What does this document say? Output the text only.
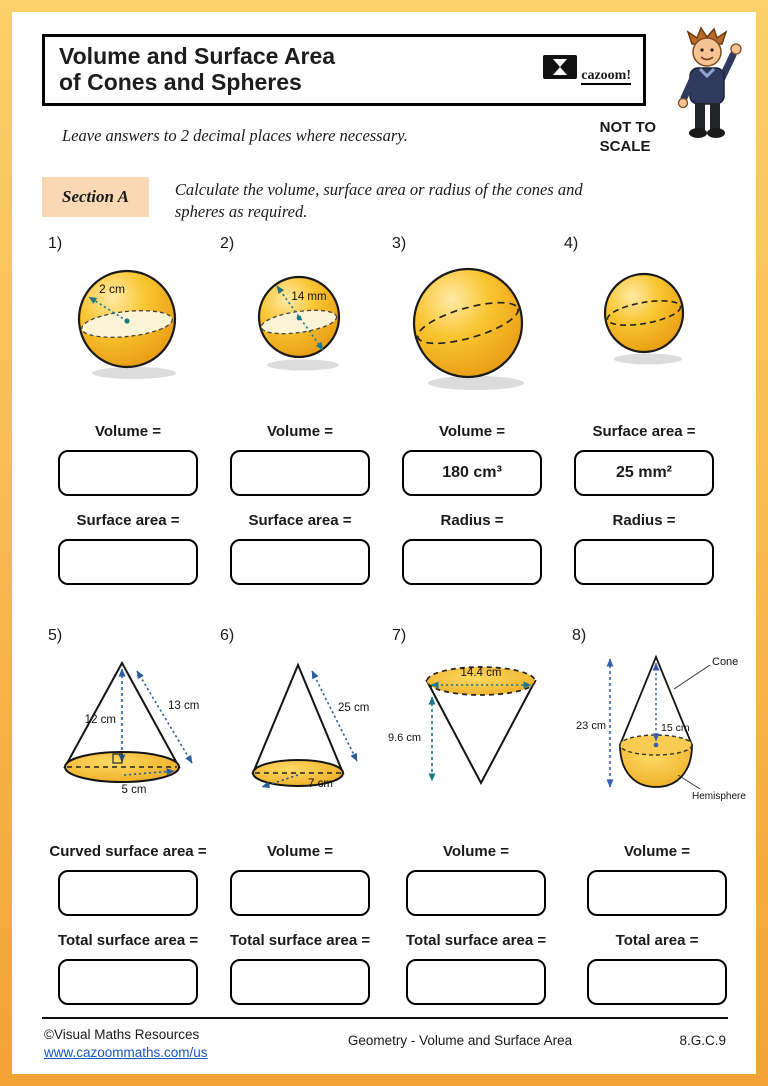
Volume and Surface Area
of Cones and Spheres	cazoom!
Leave answers to 2 decimal places where necessary.	NOT TO
SCALE
Section A	Calculate the volume, surface area or radius of the cones and spheres as required.
1)
2 cm
Volume =
Surface area =
2)
14 mm
Volume =
Surface area =
3)
Volume =
180 cm³
Radius =
4)
Surface area =
25 mm²
Radius =
5)
12 cm
13 cm
5 cm
Curved surface area =
Total surface area =
6)
25 cm
7 cm
Volume =
Total surface area =
7)
14.4 cm
9.6 cm
Volume =
Total surface area =
8)
23 cm	15 cm
Cone
Hemisphere
Volume =
Total area =
©Visual Maths Resources
www.cazoommaths.com/us
Geometry - Volume and Surface Area	8.G.C.9
